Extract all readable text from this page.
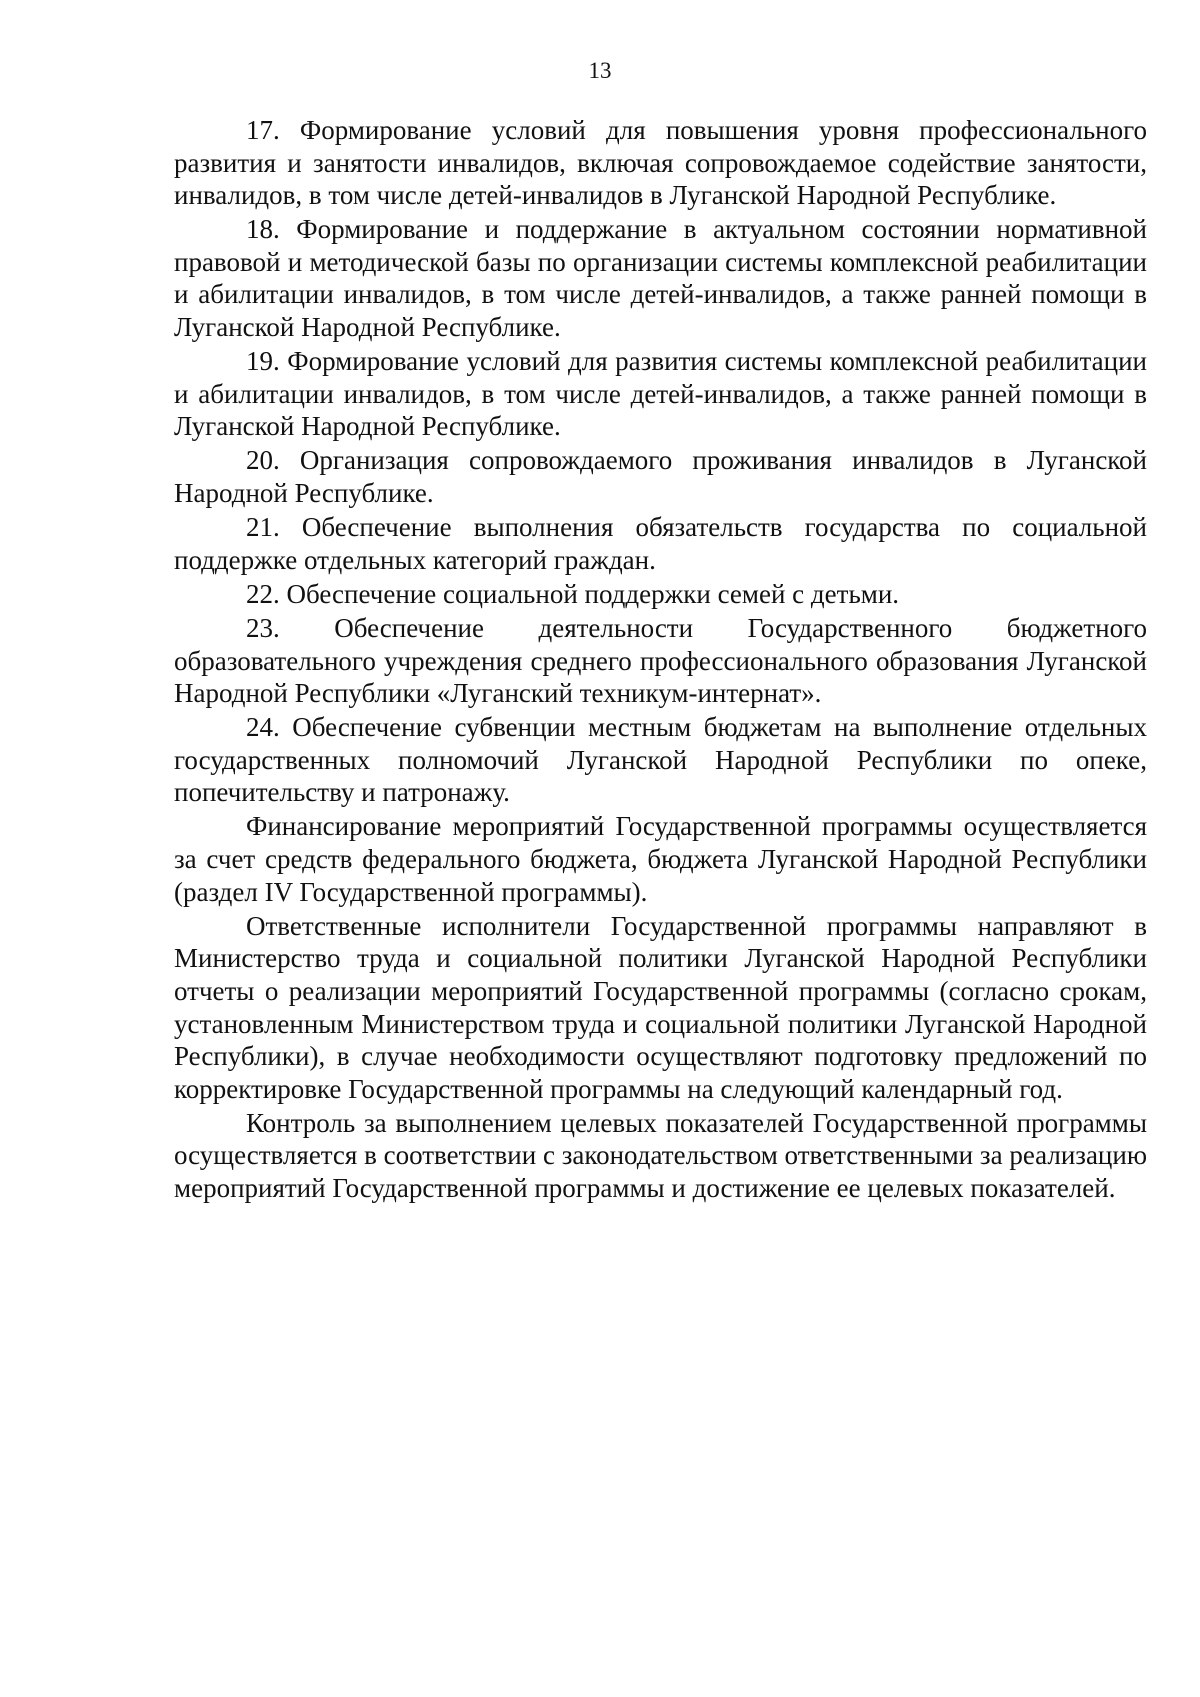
13

17. Формирование условий для повышения уровня профессионального развития и занятости инвалидов, включая сопровождаемое содействие занятости, инвалидов, в том числе детей-инвалидов в Луганской Народной Республике.

18. Формирование и поддержание в актуальном состоянии нормативной правовой и методической базы по организации системы комплексной реабилитации и абилитации инвалидов, в том числе детей-инвалидов, а также ранней помощи в Луганской Народной Республике.

19. Формирование условий для развития системы комплексной реабилитации и абилитации инвалидов, в том числе детей-инвалидов, а также ранней помощи в Луганской Народной Республике.

20. Организация сопровождаемого проживания инвалидов в Луганской Народной Республике.

21. Обеспечение выполнения обязательств государства по социальной поддержке отдельных категорий граждан.

22. Обеспечение социальной поддержки семей с детьми.

23. Обеспечение деятельности Государственного бюджетного образовательного учреждения среднего профессионального образования Луганской Народной Республики «Луганский техникум-интернат».

24. Обеспечение субвенции местным бюджетам на выполнение отдельных государственных полномочий Луганской Народной Республики по опеке, попечительству и патронажу.

Финансирование мероприятий Государственной программы осуществляется за счет средств федерального бюджета, бюджета Луганской Народной Республики (раздел IV Государственной программы).

Ответственные исполнители Государственной программы направляют в Министерство труда и социальной политики Луганской Народной Республики отчеты о реализации мероприятий Государственной программы (согласно срокам, установленным Министерством труда и социальной политики Луганской Народной Республики), в случае необходимости осуществляют подготовку предложений по корректировке Государственной программы на следующий календарный год.

Контроль за выполнением целевых показателей Государственной программы осуществляется в соответствии с законодательством ответственными за реализацию мероприятий Государственной программы и достижение ее целевых показателей.
